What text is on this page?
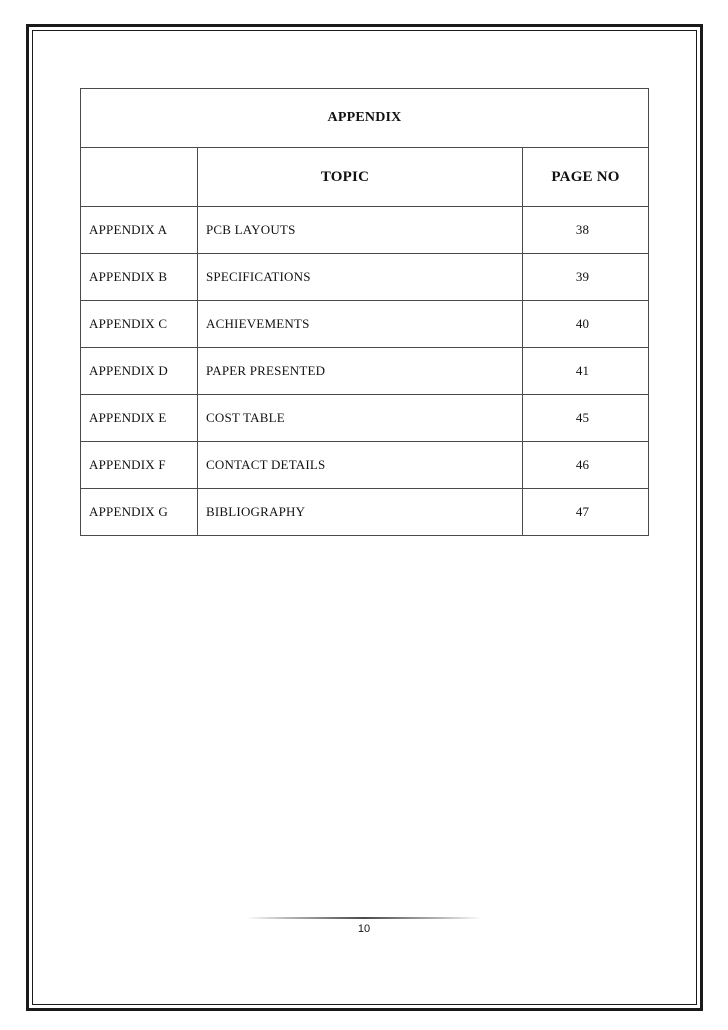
APPENDIX		
	TOPIC	PAGE NO
APPENDIX A	PCB LAYOUTS	38
APPENDIX B	SPECIFICATIONS	39
APPENDIX C	ACHIEVEMENTS	40
APPENDIX D	PAPER PRESENTED	41
APPENDIX E	COST TABLE	45
APPENDIX F	CONTACT DETAILS	46
APPENDIX G	BIBLIOGRAPHY	47
10
